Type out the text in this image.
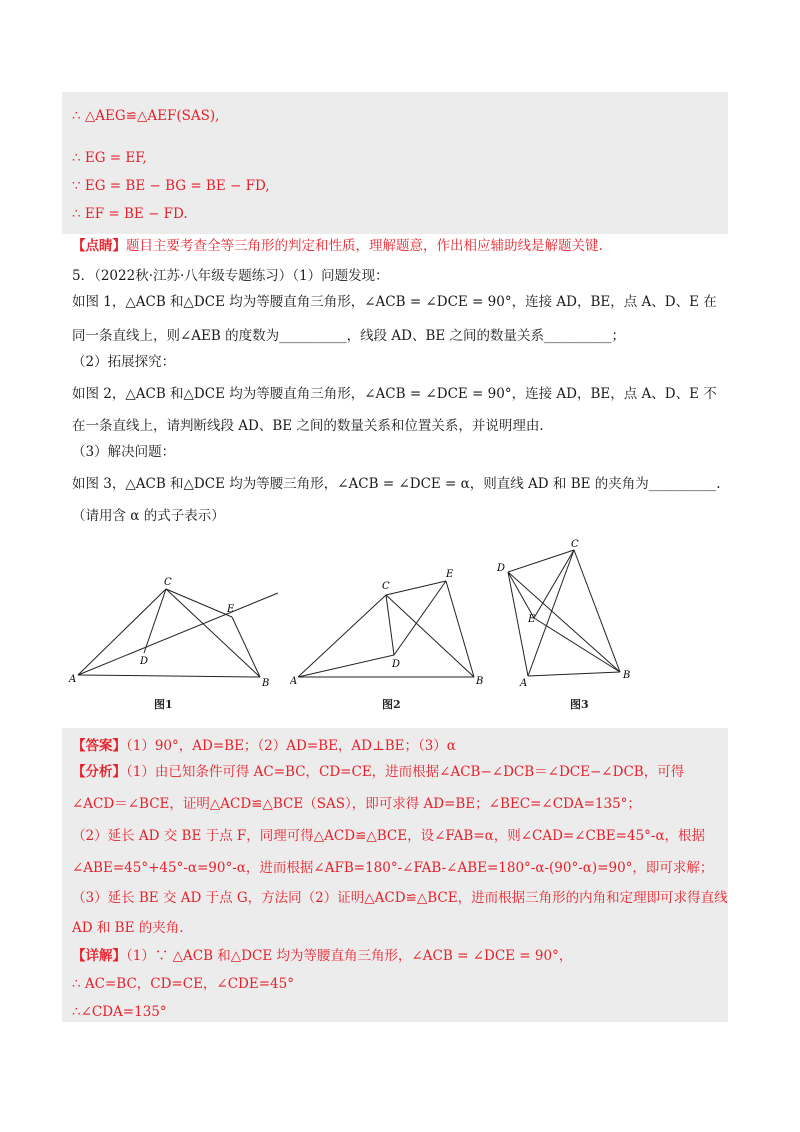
∴ △AEG≌△AEF(SAS),
∴ EG = EF,
∵ EG = BE − BG = BE − FD,
∴ EF = BE − FD.
【点睛】题目主要考查全等三角形的判定和性质，理解题意，作出相应辅助线是解题关键.
5．（2022秋·江苏·八年级专题练习）（1）问题发现：
如图 1，△ACB 和△DCE 均为等腰直角三角形，∠ACB = ∠DCE = 90°，连接 AD，BE，点 A、D、E 在
同一条直线上，则∠AEB 的度数为__________，线段 AD、BE 之间的数量关系__________；
（2）拓展探究：
如图 2，△ACB 和△DCE 均为等腰直角三角形，∠ACB = ∠DCE = 90°，连接 AD，BE，点 A、D、E 不
在一条直线上，请判断线段 AD、BE 之间的数量关系和位置关系，并说明理由.
（3）解决问题：
如图 3，△ACB 和△DCE 均为等腰三角形，∠ACB = ∠DCE = α，则直线 AD 和 BE 的夹角为__________.
（请用含 α 的式子表示）
A	B
C
D
E
图1
A	B
C
D
E
图2
A
B
C
D
E
图3
【答案】（1）90°，AD=BE；（2）AD=BE，AD⊥BE；（3）α
【分析】（1）由已知条件可得 AC=BC，CD=CE，进而根据∠ACB−∠DCB＝∠DCE−∠DCB，可得
∠ACD＝∠BCE，证明△ACD≌△BCE（SAS），即可求得 AD=BE；∠BEC=∠CDA=135°；
（2）延长 AD 交 BE 于点 F，同理可得△ACD≌△BCE，设∠FAB=α，则∠CAD=∠CBE=45°-α，根据
∠ABE=45°+45°-α=90°-α，进而根据∠AFB=180°-∠FAB-∠ABE=180°-α-(90°-α)=90°，即可求解；
（3）延长 BE 交 AD 于点 G，方法同（2）证明△ACD≌△BCE，进而根据三角形的内角和定理即可求得直线
AD 和 BE 的夹角.
【详解】（1）∵ △ACB 和△DCE 均为等腰直角三角形，∠ACB = ∠DCE = 90°，
∴ AC=BC，CD=CE，∠CDE=45°
∴∠CDA=135°
